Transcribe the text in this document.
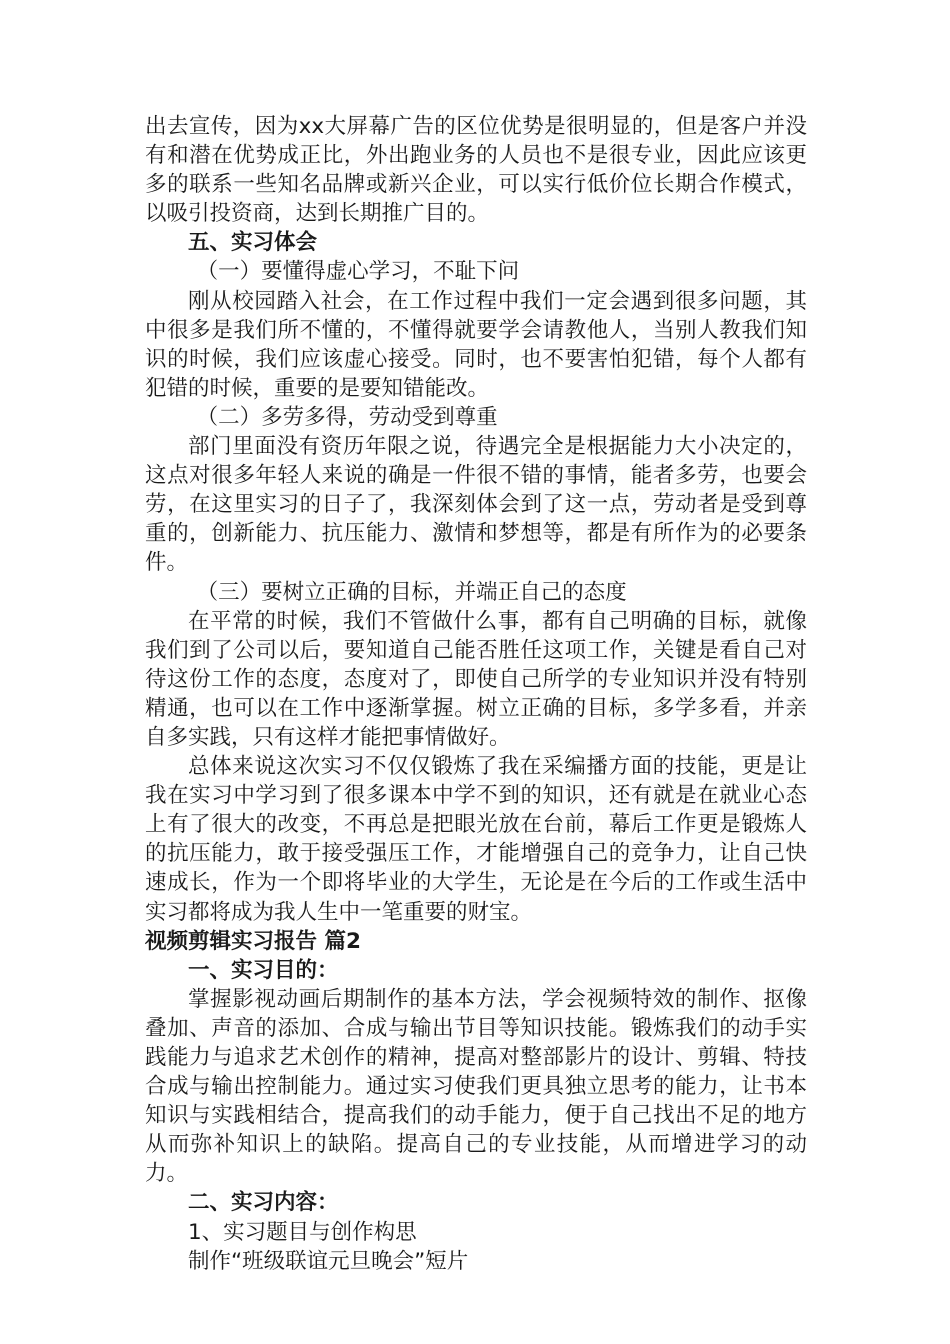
出去宣传，因为xx大屏幕广告的区位优势是很明显的，但是客户并没有和潜在优势成正比，外出跑业务的人员也不是很专业，因此应该更多的联系一些知名品牌或新兴企业，可以实行低价位长期合作模式，以吸引投资商，达到长期推广目的。

五、实习体会

（一）要懂得虚心学习，不耻下问

刚从校园踏入社会，在工作过程中我们一定会遇到很多问题，其中很多是我们所不懂的，不懂得就要学会请教他人，当别人教我们知识的时候，我们应该虚心接受。同时，也不要害怕犯错，每个人都有犯错的时候，重要的是要知错能改。

（二）多劳多得，劳动受到尊重

部门里面没有资历年限之说，待遇完全是根据能力大小决定的，这点对很多年轻人来说的确是一件很不错的事情，能者多劳，也要会劳，在这里实习的日子了，我深刻体会到了这一点，劳动者是受到尊重的，创新能力、抗压能力、激情和梦想等，都是有所作为的必要条件。

（三）要树立正确的目标，并端正自己的态度

在平常的时候，我们不管做什么事，都有自己明确的目标，就像我们到了公司以后，要知道自己能否胜任这项工作，关键是看自己对待这份工作的态度，态度对了，即使自己所学的专业知识并没有特别精通，也可以在工作中逐渐掌握。树立正确的目标，多学多看，并亲自多实践，只有这样才能把事情做好。

总体来说这次实习不仅仅锻炼了我在采编播方面的技能，更是让我在实习中学习到了很多课本中学不到的知识，还有就是在就业心态上有了很大的改变，不再总是把眼光放在台前，幕后工作更是锻炼人的抗压能力，敢于接受强压工作，才能增强自己的竞争力，让自己快速成长，作为一个即将毕业的大学生，无论是在今后的工作或生活中实习都将成为我人生中一笔重要的财宝。

视频剪辑实习报告 篇2

一、实习目的：

掌握影视动画后期制作的基本方法，学会视频特效的制作、抠像叠加、声音的添加、合成与输出节目等知识技能。锻炼我们的动手实践能力与追求艺术创作的精神，提高对整部影片的设计、剪辑、特技合成与输出控制能力。通过实习使我们更具独立思考的能力，让书本知识与实践相结合，提高我们的动手能力，便于自己找出不足的地方从而弥补知识上的缺陷。提高自己的专业技能，从而增进学习的动力。

二、实习内容：

1、实习题目与创作构思

制作“班级联谊元旦晚会”短片
